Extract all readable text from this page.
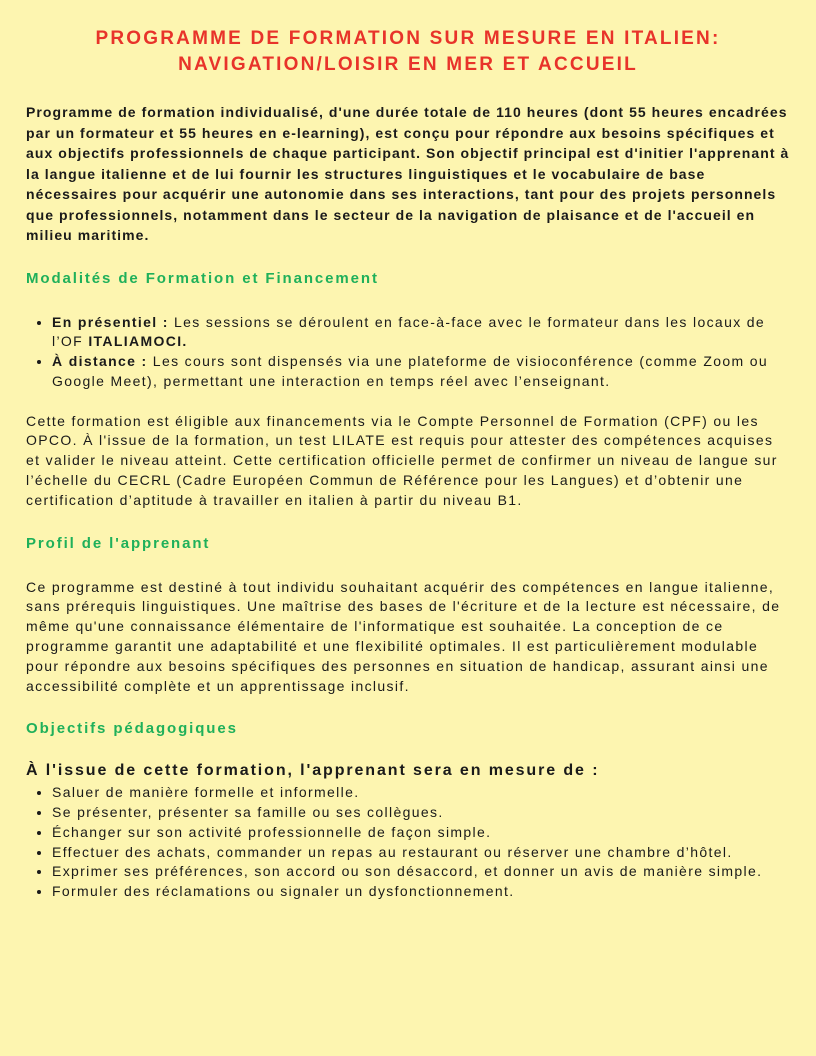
PROGRAMME DE FORMATION SUR MESURE EN ITALIEN:
NAVIGATION/LOISIR EN MER ET ACCUEIL

Programme de formation individualisé, d'une durée totale de 110 heures (dont 55 heures encadrées par un formateur et 55 heures en e-learning), est conçu pour répondre aux besoins spécifiques et aux objectifs professionnels de chaque participant. Son objectif principal est d'initier l'apprenant à la langue italienne et de lui fournir les structures linguistiques et le vocabulaire de base nécessaires pour acquérir une autonomie dans ses interactions, tant pour des projets personnels que professionnels, notamment dans le secteur de la navigation de plaisance et de l'accueil en milieu maritime.

Modalités de Formation et Financement
• En présentiel : Les sessions se déroulent en face-à-face avec le formateur dans les locaux de l’OF ITALIAMOCI.
• À distance : Les cours sont dispensés via une plateforme de visioconférence (comme Zoom ou Google Meet), permettant une interaction en temps réel avec l’enseignant.

Cette formation est éligible aux financements via le Compte Personnel de Formation (CPF) ou les OPCO. À l'issue de la formation, un test LILATE est requis pour attester des compétences acquises et valider le niveau atteint. Cette certification officielle permet de confirmer un niveau de langue sur l’échelle du CECRL (Cadre Européen Commun de Référence pour les Langues) et d’obtenir une certification d’aptitude à travailler en italien à partir du niveau B1.

Profil de l'apprenant

Ce programme est destiné à tout individu souhaitant acquérir des compétences en langue italienne, sans prérequis linguistiques. Une maîtrise des bases de l'écriture et de la lecture est nécessaire, de même qu'une connaissance élémentaire de l'informatique est souhaitée. La conception de ce programme garantit une adaptabilité et une flexibilité optimales. Il est particulièrement modulable pour répondre aux besoins spécifiques des personnes en situation de handicap, assurant ainsi une accessibilité complète et un apprentissage inclusif.

Objectifs pédagogiques

À l'issue de cette formation, l'apprenant sera en mesure de :

• Saluer de manière formelle et informelle.
• Se présenter, présenter sa famille ou ses collègues.
• Échanger sur son activité professionnelle de façon simple.
• Effectuer des achats, commander un repas au restaurant ou réserver une chambre d’hôtel.
• Exprimer ses préférences, son accord ou son désaccord, et donner un avis de manière simple.
• Formuler des réclamations ou signaler un dysfonctionnement.
